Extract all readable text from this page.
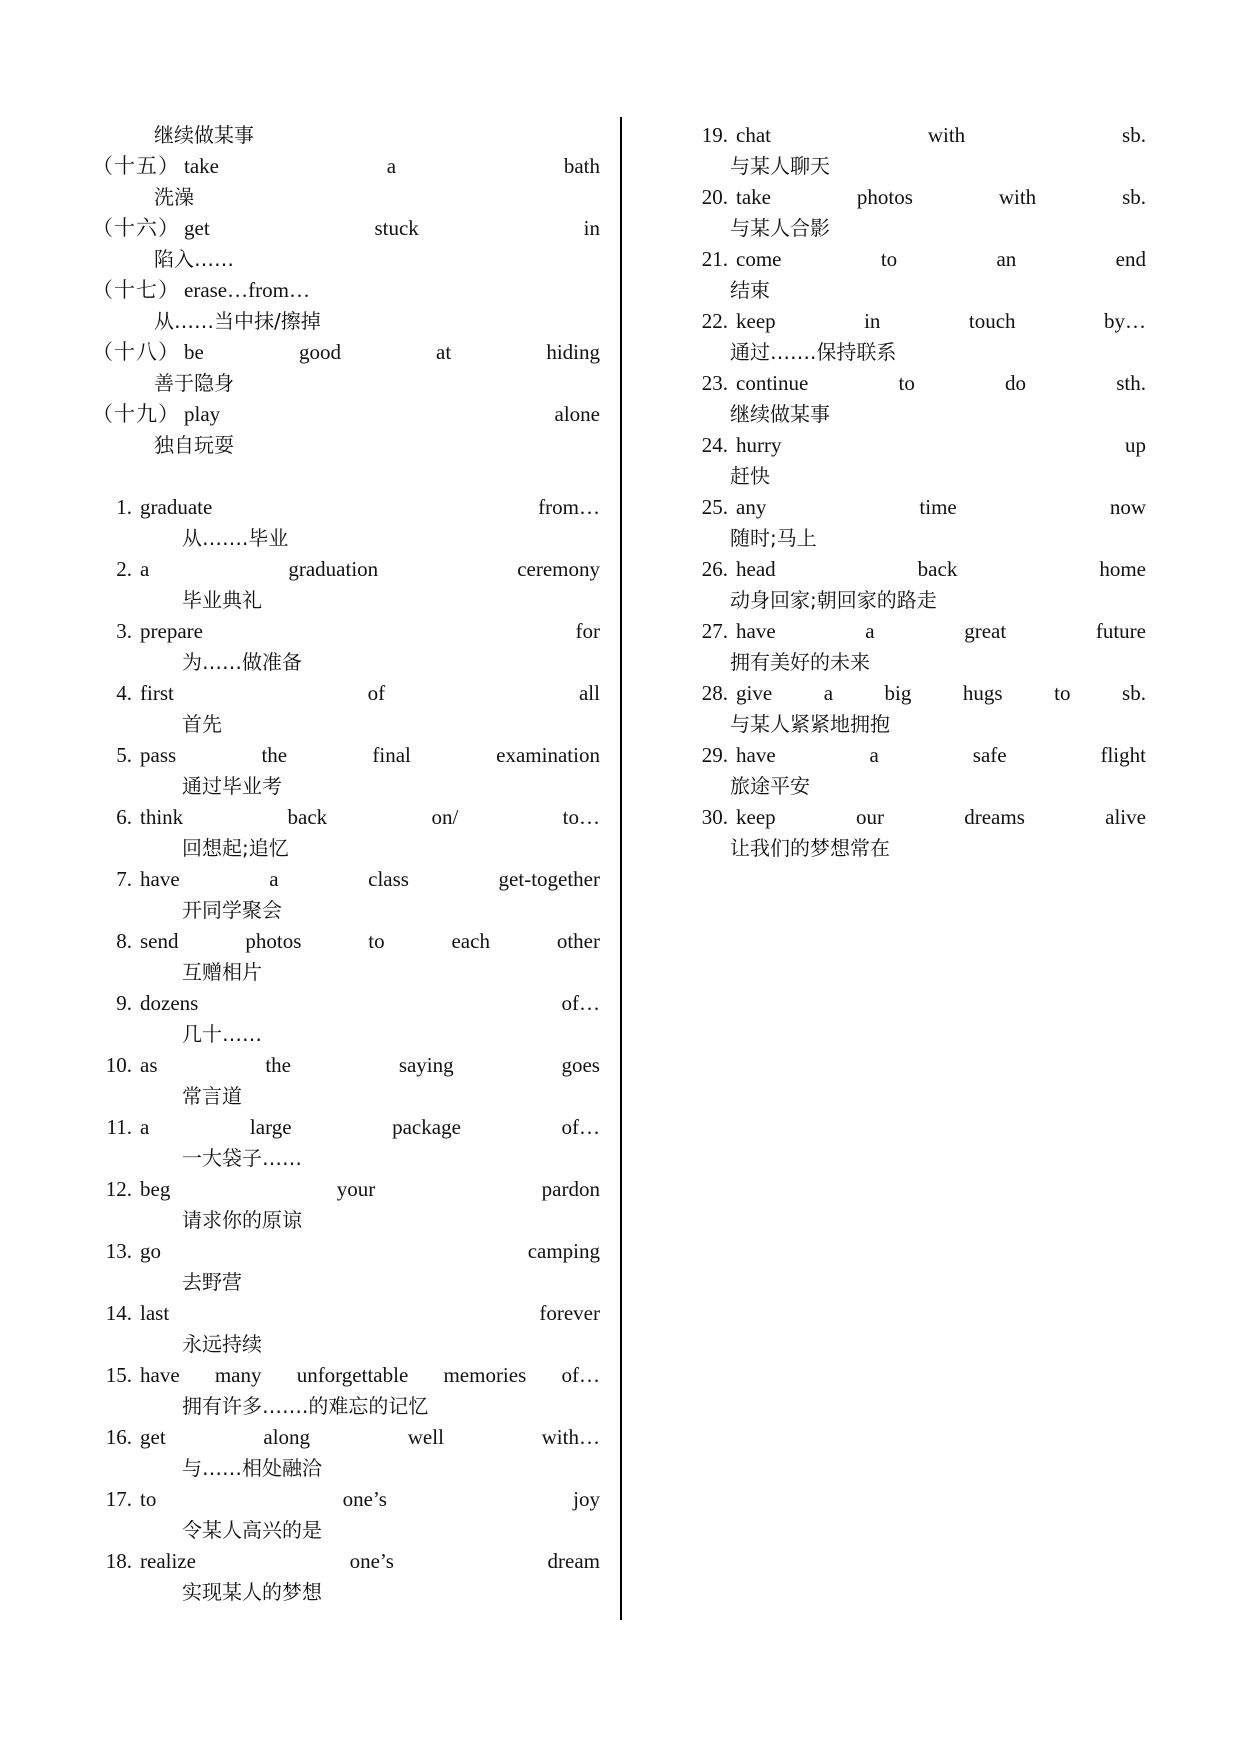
继续做某事
（十五） take	a	bath
洗澡
（十六） get	stuck	in
陷入……
（十七） erase…from…
从……当中抹/擦掉
（十八） be	good	at	hiding
善于隐身
（十九） play	alone
独自玩耍
1. graduate	from…
从…….毕业
2. a	graduation	ceremony
毕业典礼
3. prepare	for
为……做准备
4. first	of	all
首先
5. pass	the	final	examination
通过毕业考
6. think	back	on/	to…
回想起;追忆
7. have	a	class	get-together
开同学聚会
8. send	photos	to	each	other
互赠相片
9. dozens	of…
几十……
10. as	the	saying	goes
常言道
11. a	large	package	of…
一大袋子……
12. beg	your	pardon
请求你的原谅
13. go	camping
去野营
14. last	forever
永远持续
15. have many unforgettable memories of…
拥有许多…….的难忘的记忆
16. get	along	well	with…
与……相处融洽
17. to	one’s	joy
令某人高兴的是
18. realize	one’s	dream
实现某人的梦想
19. chat	with	sb.
与某人聊天
20. take	photos	with	sb.
与某人合影
21. come	to	an	end
结束
22. keep	in	touch	by…
通过…….保持联系
23. continue	to	do	sth.
继续做某事
24. hurry	up
赶快
25. any	time	now
随时;马上
26. head	back	home
动身回家;朝回家的路走
27. have	a	great	future
拥有美好的未来
28. give a big hugs to sb.
与某人紧紧地拥抱
29. have	a	safe	flight
旅途平安
30. keep	our	dreams	alive
让我们的梦想常在
